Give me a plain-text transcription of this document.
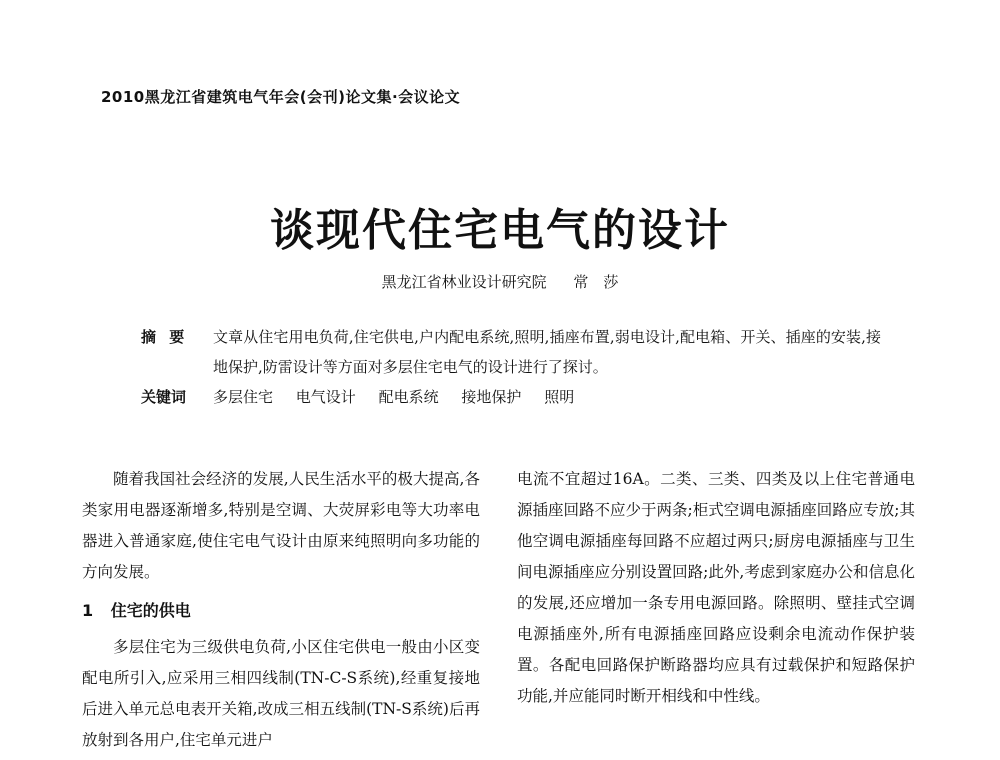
2010黑龙江省建筑电气年会(会刊)论文集·会议论文
谈现代住宅电气的设计
黑龙江省林业设计研究院 常　莎
摘 要	文章从住宅用电负荷,住宅供电,户内配电系统,照明,插座布置,弱电设计,配电箱、开关、插座的安装,接地保护,防雷设计等方面对多层住宅电气的设计进行了探讨。
关键词	多层住宅 电气设计 配电系统 接地保护 照明

随着我国社会经济的发展,人民生活水平的极大提高,各类家用电器逐渐增多,特别是空调、大荧屏彩电等大功率电器进入普通家庭,使住宅电气设计由原来纯照明向多功能的方向发展。

1 住宅的供电

多层住宅为三级供电负荷,小区住宅供电一般由小区变配电所引入,应采用三相四线制(TN-C-S系统),经重复接地后进入单元总电表开关箱,改成三相五线制(TN-S系统)后再放射到各用户,住宅单元进户

电流不宜超过16A。二类、三类、四类及以上住宅普通电源插座回路不应少于两条;柜式空调电源插座回路应专放;其他空调电源插座每回路不应超过两只;厨房电源插座与卫生间电源插座应分别设置回路;此外,考虑到家庭办公和信息化的发展,还应增加一条专用电源回路。除照明、壁挂式空调电源插座外,所有电源插座回路应设剩余电流动作保护装置。各配电回路保护断路器均应具有过载保护和短路保护功能,并应能同时断开相线和中性线。
